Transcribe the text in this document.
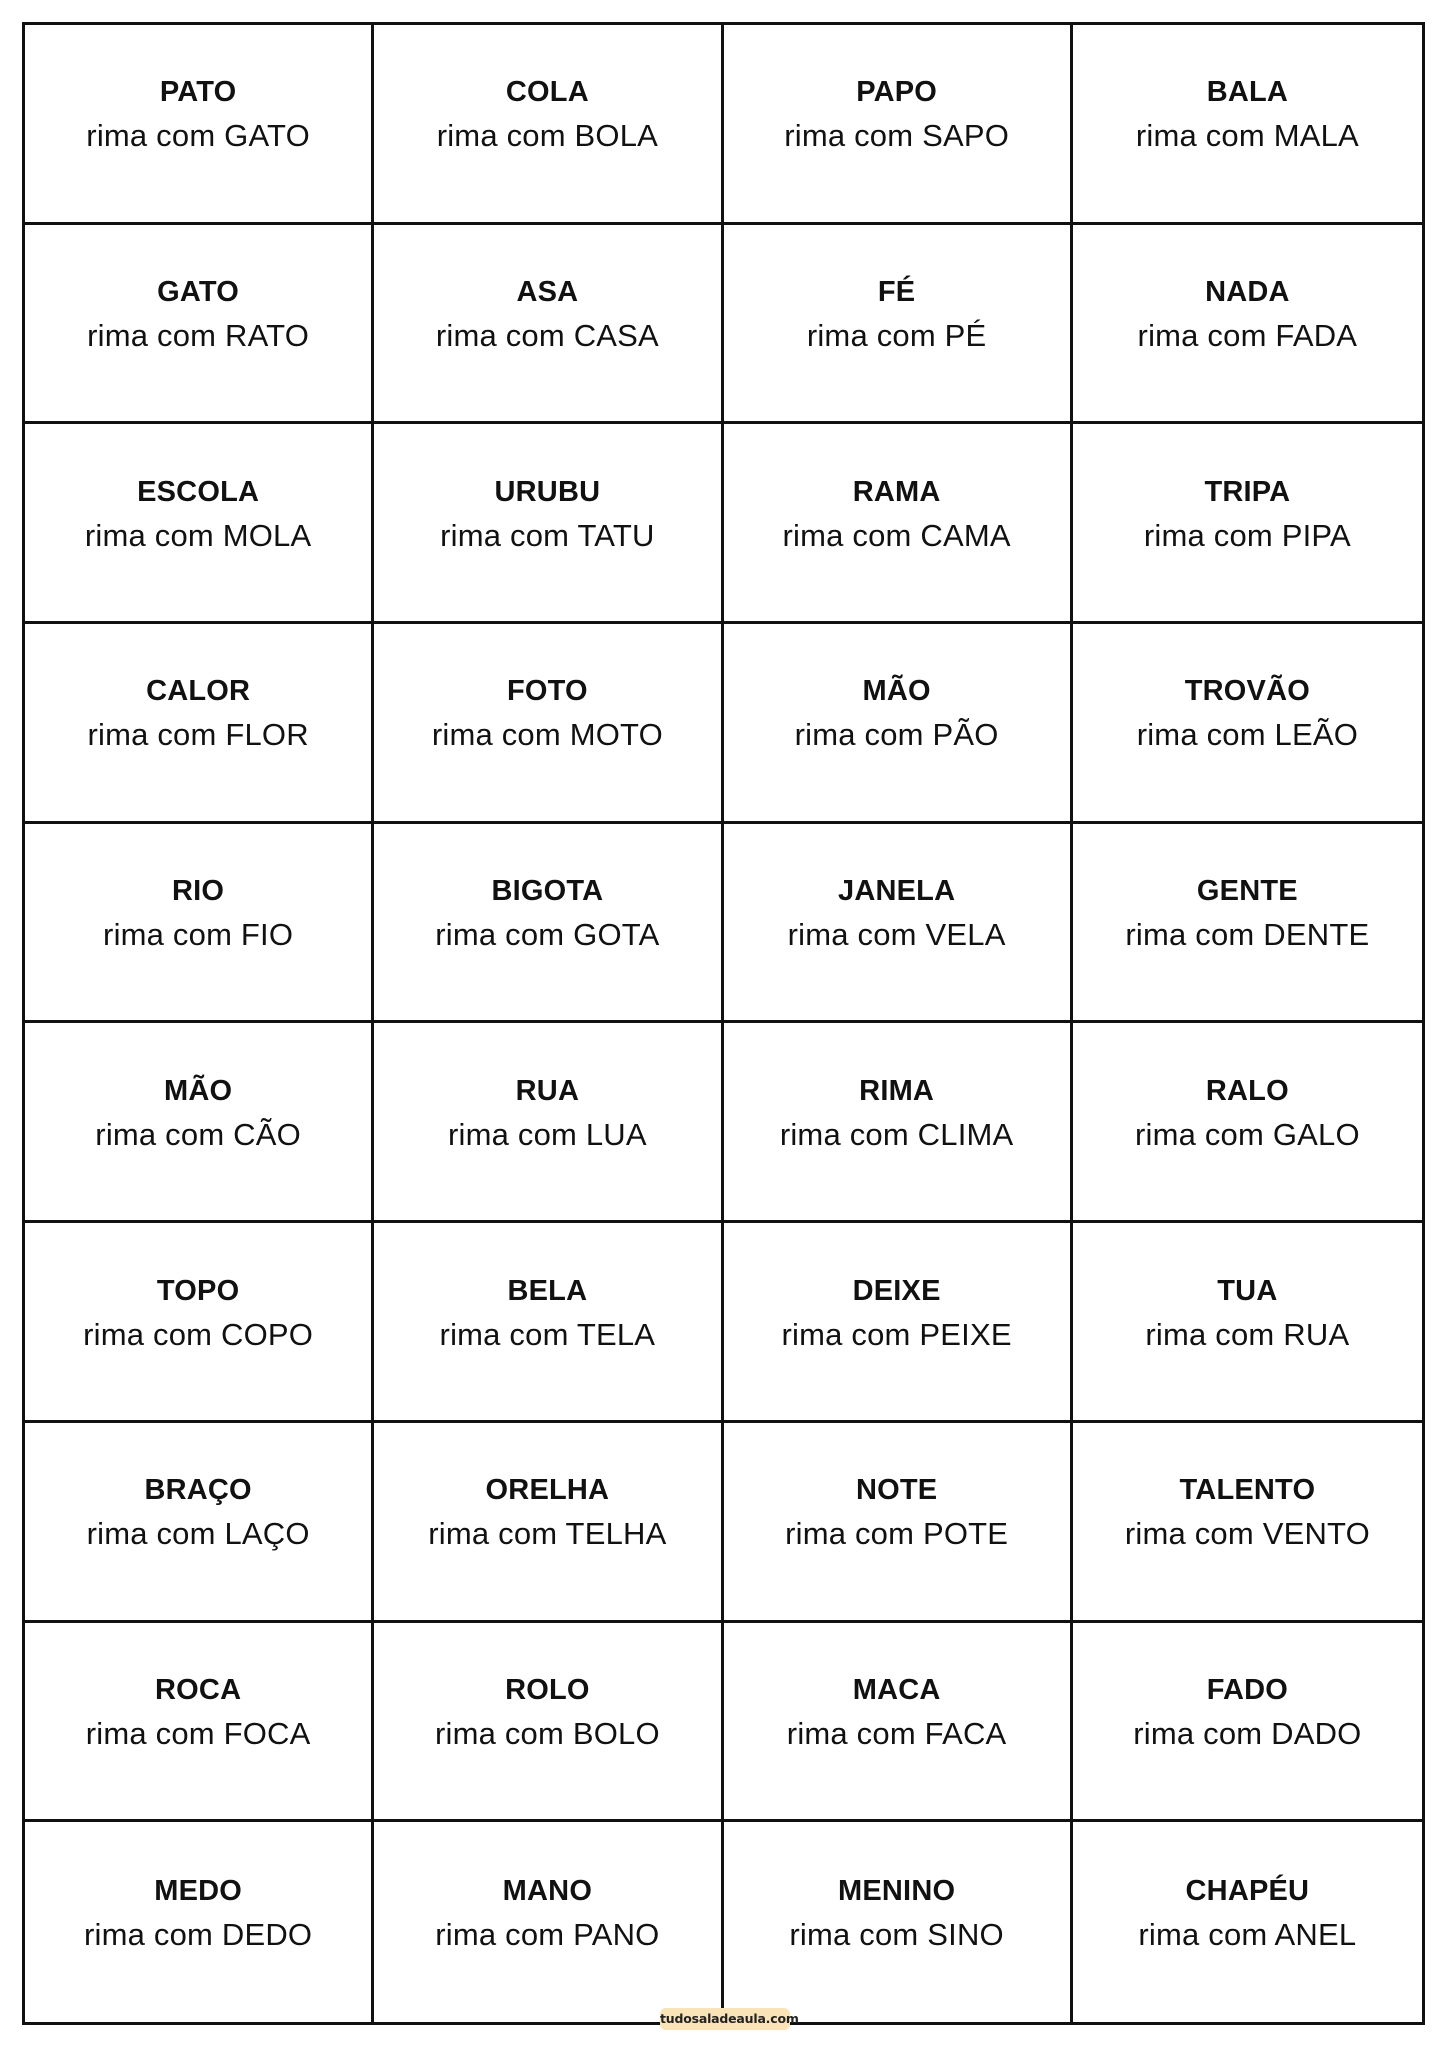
PATO
rima com GATO
COLA
rima com BOLA
PAPO
rima com SAPO
BALA
rima com MALA
GATO
rima com RATO
ASA
rima com CASA
FÉ
rima com PÉ
NADA
rima com FADA
ESCOLA
rima com MOLA
URUBU
rima com TATU
RAMA
rima com CAMA
TRIPA
rima com PIPA
CALOR
rima com FLOR
FOTO
rima com MOTO
MÃO
rima com PÃO
TROVÃO
rima com LEÃO
RIO
rima com FIO
BIGOTA
rima com GOTA
JANELA
rima com VELA
GENTE
rima com DENTE
MÃO
rima com CÃO
RUA
rima com LUA
RIMA
rima com CLIMA
RALO
rima com GALO
TOPO
rima com COPO
BELA
rima com TELA
DEIXE
rima com PEIXE
TUA
rima com RUA
BRAÇO
rima com LAÇO
ORELHA
rima com TELHA
NOTE
rima com POTE
TALENTO
rima com VENTO
ROCA
rima com FOCA
ROLO
rima com BOLO
MACA
rima com FACA
FADO
rima com DADO
MEDO
rima com DEDO
MANO
rima com PANO
MENINO
rima com SINO
CHAPÉU
rima com ANEL
tudosaladeaula.com
